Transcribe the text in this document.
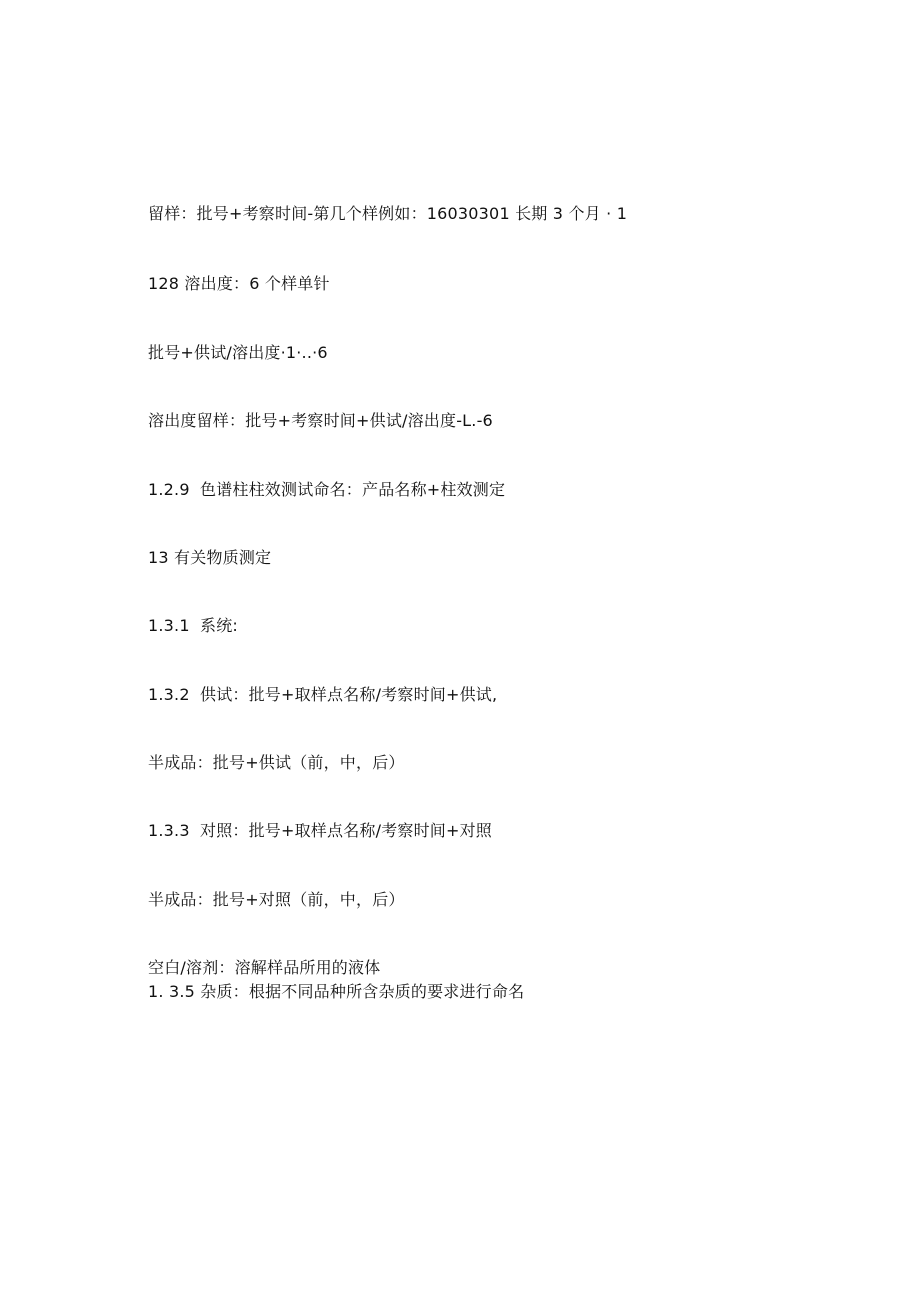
留样：批号+考察时间-第几个样例如：16030301 长期 3 个月 · 1
128 溶出度：6 个样单针
批号+供试/溶出度·1·..·6
溶出度留样：批号+考察时间+供试/溶出度-L.-6
1.2.9 色谱柱柱效测试命名：产品名称+柱效测定
13 有关物质测定
1.3.1 系统:
1.3.2 供试：批号+取样点名称/考察时间+供试,
半成品：批号+供试（前，中，后）
1.3.3 对照：批号+取样点名称/考察时间+对照
半成品：批号+对照（前，中，后）
空白/溶剂：溶解样品所用的液体
1. 3.5 杂质：根据不同品种所含杂质的要求进行命名
